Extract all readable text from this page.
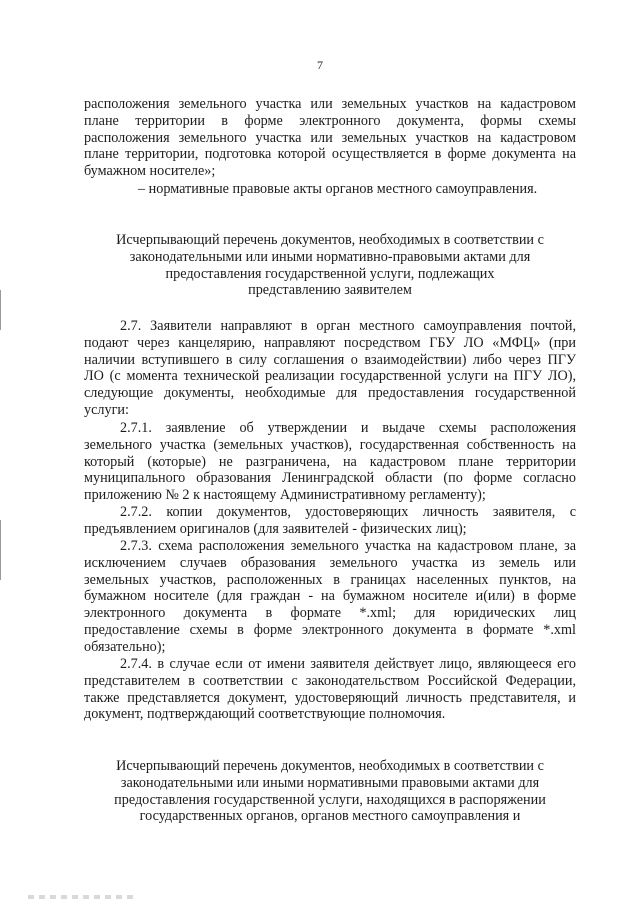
7
расположения земельного участка или земельных участков на кадастровом
плане территории в форме электронного документа, формы схемы
расположения земельного участка или земельных участков на кадастровом
плане территории, подготовка которой осуществляется в форме документа на
бумажном носителе»;
– нормативные правовые акты органов местного самоуправления.
Исчерпывающий перечень документов, необходимых в соответствии с
законодательными или иными нормативно-правовыми актами для
предоставления государственной услуги, подлежащих
представлению заявителем
2.7. Заявители направляют в орган местного самоуправления почтой,
подают через канцелярию, направляют посредством ГБУ ЛО «МФЦ» (при
наличии вступившего в силу соглашения о взаимодействии) либо через ПГУ
ЛО (с момента технической реализации государственной услуги на ПГУ ЛО),
следующие документы, необходимые для предоставления государственной
услуги:
2.7.1. заявление об утверждении и выдаче схемы расположения
земельного участка (земельных участков), государственная собственность на
который (которые) не разграничена, на кадастровом плане территории
муниципального образования Ленинградской области (по форме согласно
приложению № 2 к настоящему Административному регламенту);
2.7.2. копии документов, удостоверяющих личность заявителя, с
предъявлением оригиналов (для заявителей - физических лиц);
2.7.3. схема расположения земельного участка на кадастровом плане, за
исключением случаев образования земельного участка из земель или
земельных участков, расположенных в границах населенных пунктов, на
бумажном носителе (для граждан - на бумажном носителе и(или) в форме
электронного документа в формате *.xml; для юридических лиц
предоставление схемы в форме электронного документа в формате *.xml
обязательно);
2.7.4. в случае если от имени заявителя действует лицо, являющееся его
представителем в соответствии с законодательством Российской Федерации,
также представляется документ, удостоверяющий личность представителя, и
документ, подтверждающий соответствующие полномочия.
Исчерпывающий перечень документов, необходимых в соответствии с
законодательными или иными нормативными правовыми актами для
предоставления государственной услуги, находящихся в распоряжении
государственных органов, органов местного самоуправления и
